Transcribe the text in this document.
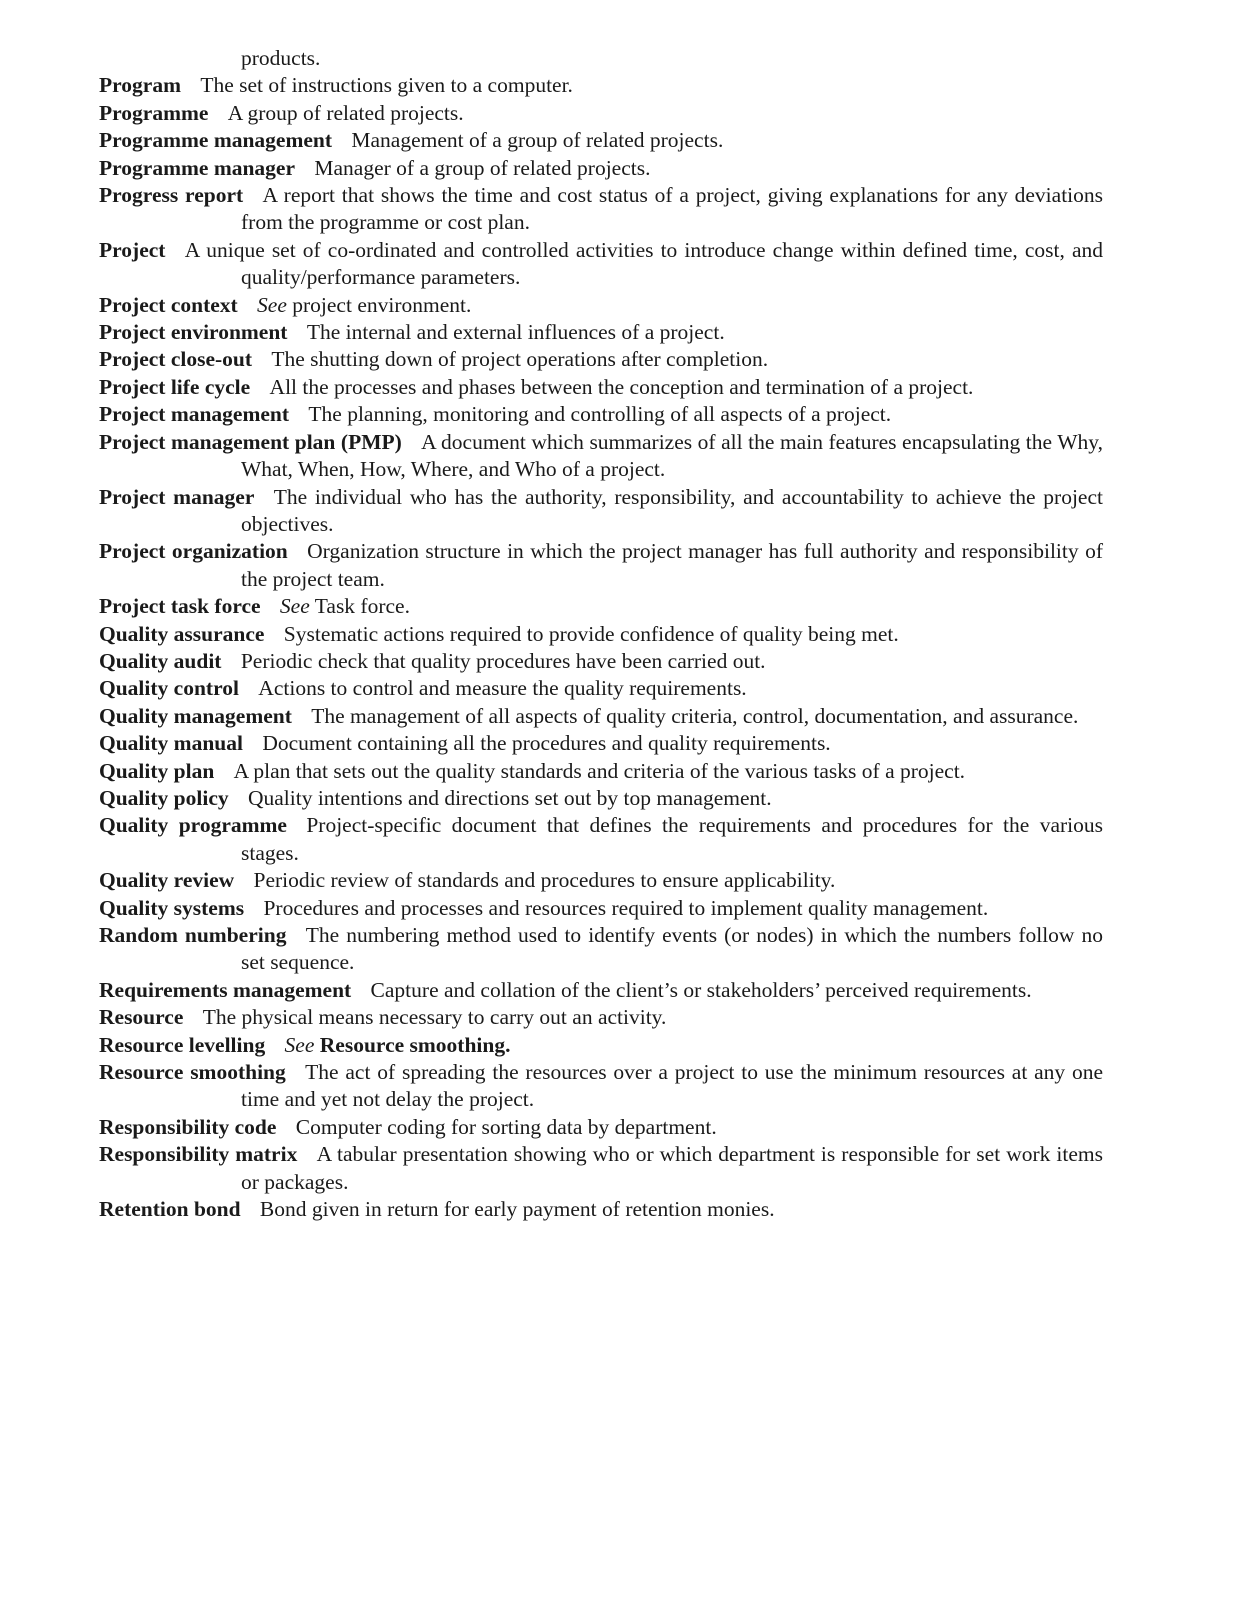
products.

Program The set of instructions given to a computer.

Programme A group of related projects.

Programme management Management of a group of related projects.

Programme manager Manager of a group of related projects.

Progress report A report that shows the time and cost status of a project, giving explanations for any deviations from the programme or cost plan.

Project A unique set of co-ordinated and controlled activities to introduce change within defined time, cost, and quality/performance parameters.

Project context See project environment.

Project environment The internal and external influences of a project.

Project close-out The shutting down of project operations after completion.

Project life cycle All the processes and phases between the conception and termination of a project.

Project management The planning, monitoring and controlling of all aspects of a project.

Project management plan (PMP) A document which summarizes of all the main features encapsulating the Why, What, When, How, Where, and Who of a project.

Project manager The individual who has the authority, responsibility, and accountability to achieve the project objectives.

Project organization Organization structure in which the project manager has full authority and responsibility of the project team.

Project task force See Task force.

Quality assurance Systematic actions required to provide confidence of quality being met.

Quality audit Periodic check that quality procedures have been carried out.

Quality control Actions to control and measure the quality requirements.

Quality management The management of all aspects of quality criteria, control, documentation, and assurance.

Quality manual Document containing all the procedures and quality requirements.

Quality plan A plan that sets out the quality standards and criteria of the various tasks of a project.

Quality policy Quality intentions and directions set out by top management.

Quality programme Project-specific document that defines the requirements and procedures for the various stages.

Quality review Periodic review of standards and procedures to ensure applicability.

Quality systems Procedures and processes and resources required to implement quality management.

Random numbering The numbering method used to identify events (or nodes) in which the numbers follow no set sequence.

Requirements management Capture and collation of the client’s or stakeholders’ perceived requirements.

Resource The physical means necessary to carry out an activity.

Resource levelling See Resource smoothing.

Resource smoothing The act of spreading the resources over a project to use the minimum resources at any one time and yet not delay the project.

Responsibility code Computer coding for sorting data by department.

Responsibility matrix A tabular presentation showing who or which department is responsible for set work items or packages.

Retention bond Bond given in return for early payment of retention monies.
